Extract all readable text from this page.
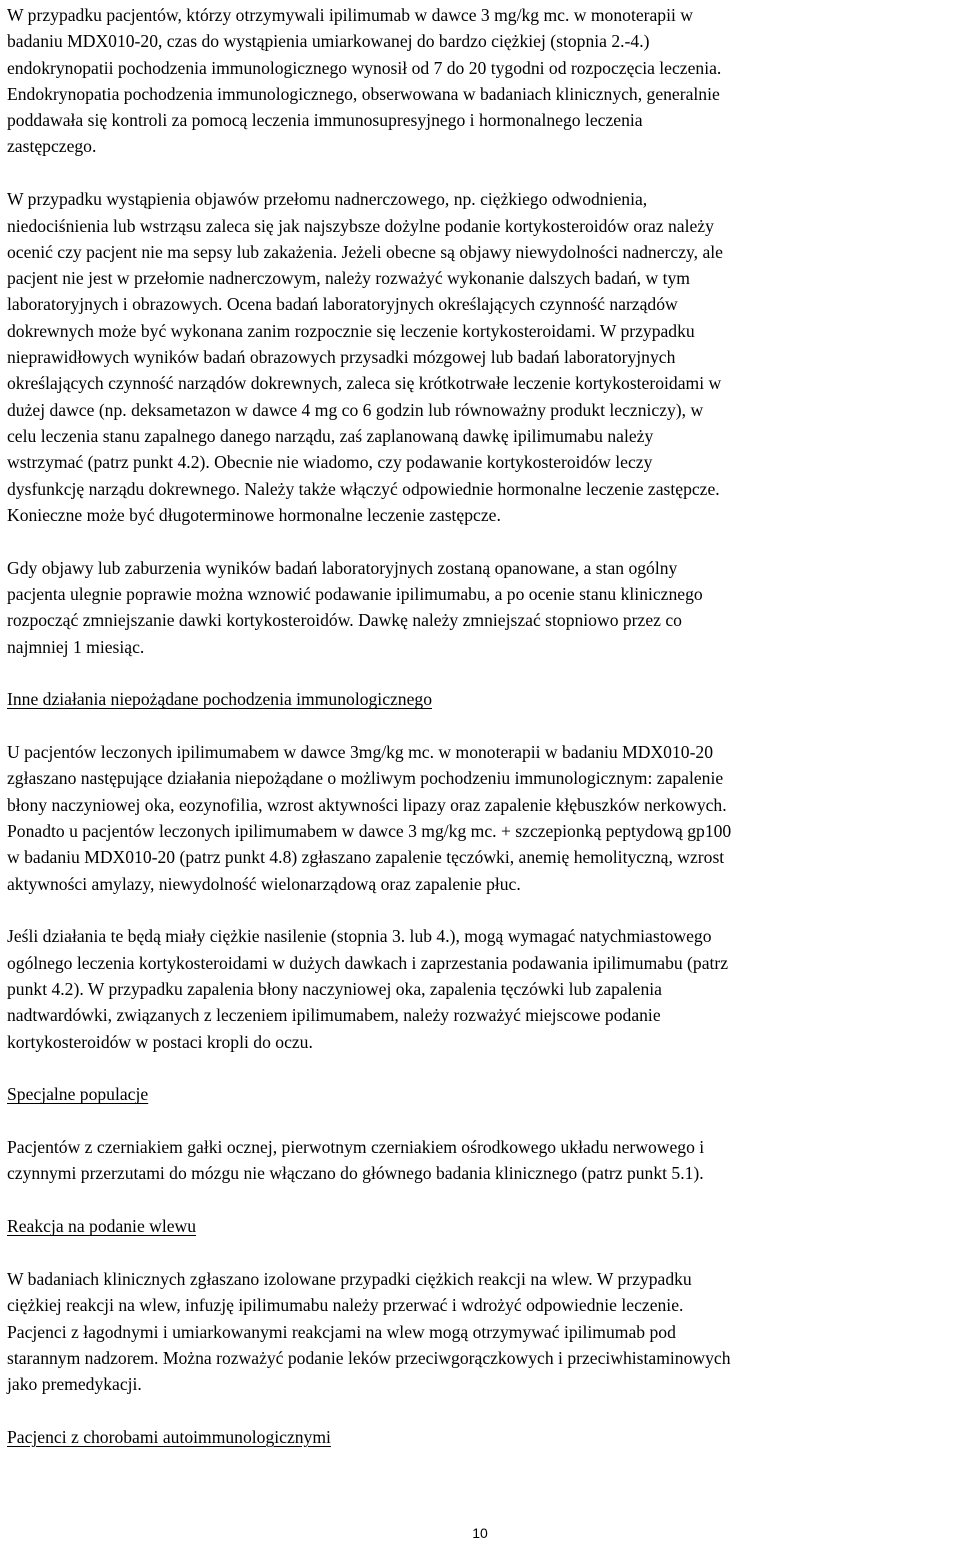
W przypadku pacjentów, którzy otrzymywali ipilimumab w dawce 3 mg/kg mc. w monoterapii w
badaniu MDX010-20, czas do wystąpienia umiarkowanej do bardzo ciężkiej (stopnia 2.-4.)
endokrynopatii pochodzenia immunologicznego wynosił od 7 do 20 tygodni od rozpoczęcia leczenia.
Endokrynopatia pochodzenia immunologicznego, obserwowana w badaniach klinicznych, generalnie
poddawała się kontroli za pomocą leczenia immunosupresyjnego i hormonalnego leczenia
zastępczego.

W przypadku wystąpienia objawów przełomu nadnerczowego, np. ciężkiego odwodnienia,
niedociśnienia lub wstrząsu zaleca się jak najszybsze dożylne podanie kortykosteroidów oraz należy
ocenić czy pacjent nie ma sepsy lub zakażenia. Jeżeli obecne są objawy niewydolności nadnerczy, ale
pacjent nie jest w przełomie nadnerczowym, należy rozważyć wykonanie dalszych badań, w tym
laboratoryjnych i obrazowych. Ocena badań laboratoryjnych określających czynność narządów
dokrewnych może być wykonana zanim rozpocznie się leczenie kortykosteroidami. W przypadku
nieprawidłowych wyników badań obrazowych przysadki mózgowej lub badań laboratoryjnych
określających czynność narządów dokrewnych, zaleca się krótkotrwałe leczenie kortykosteroidami w
dużej dawce (np. deksametazon w dawce 4 mg co 6 godzin lub równoważny produkt leczniczy), w
celu leczenia stanu zapalnego danego narządu, zaś zaplanowaną dawkę ipilimumabu należy
wstrzymać (patrz punkt 4.2). Obecnie nie wiadomo, czy podawanie kortykosteroidów leczy
dysfunkcję narządu dokrewnego. Należy także włączyć odpowiednie hormonalne leczenie zastępcze.
Konieczne może być długoterminowe hormonalne leczenie zastępcze.

Gdy objawy lub zaburzenia wyników badań laboratoryjnych zostaną opanowane, a stan ogólny
pacjenta ulegnie poprawie można wznowić podawanie ipilimumabu, a po ocenie stanu klinicznego
rozpocząć zmniejszanie dawki kortykosteroidów. Dawkę należy zmniejszać stopniowo przez co
najmniej 1 miesiąc.

Inne działania niepożądane pochodzenia immunologicznego

U pacjentów leczonych ipilimumabem w dawce 3mg/kg mc. w monoterapii w badaniu MDX010-20
zgłaszano następujące działania niepożądane o możliwym pochodzeniu immunologicznym: zapalenie
błony naczyniowej oka, eozynofilia, wzrost aktywności lipazy oraz zapalenie kłębuszków nerkowych.
Ponadto u pacjentów leczonych ipilimumabem w dawce 3 mg/kg mc. + szczepionką peptydową gp100
w badaniu MDX010-20 (patrz punkt 4.8) zgłaszano zapalenie tęczówki, anemię hemolityczną, wzrost
aktywności amylazy, niewydolność wielonarządową oraz zapalenie płuc.

Jeśli działania te będą miały ciężkie nasilenie (stopnia 3. lub 4.), mogą wymagać natychmiastowego
ogólnego leczenia kortykosteroidami w dużych dawkach i zaprzestania podawania ipilimumabu (patrz
punkt 4.2). W przypadku zapalenia błony naczyniowej oka, zapalenia tęczówki lub zapalenia
nadtwardówki, związanych z leczeniem ipilimumabem, należy rozważyć miejscowe podanie
kortykosteroidów w postaci kropli do oczu.

Specjalne populacje

Pacjentów z czerniakiem gałki ocznej, pierwotnym czerniakiem ośrodkowego układu nerwowego i
czynnymi przerzutami do mózgu nie włączano do głównego badania klinicznego (patrz punkt 5.1).

Reakcja na podanie wlewu

W badaniach klinicznych zgłaszano izolowane przypadki ciężkich reakcji na wlew. W przypadku
ciężkiej reakcji na wlew, infuzję ipilimumabu należy przerwać i wdrożyć odpowiednie leczenie.
Pacjenci z łagodnymi i umiarkowanymi reakcjami na wlew mogą otrzymywać ipilimumab pod
starannym nadzorem. Można rozważyć podanie leków przeciwgorączkowych i przeciwhistaminowych
jako premedykacji.

Pacjenci z chorobami autoimmunologicznymi

10
